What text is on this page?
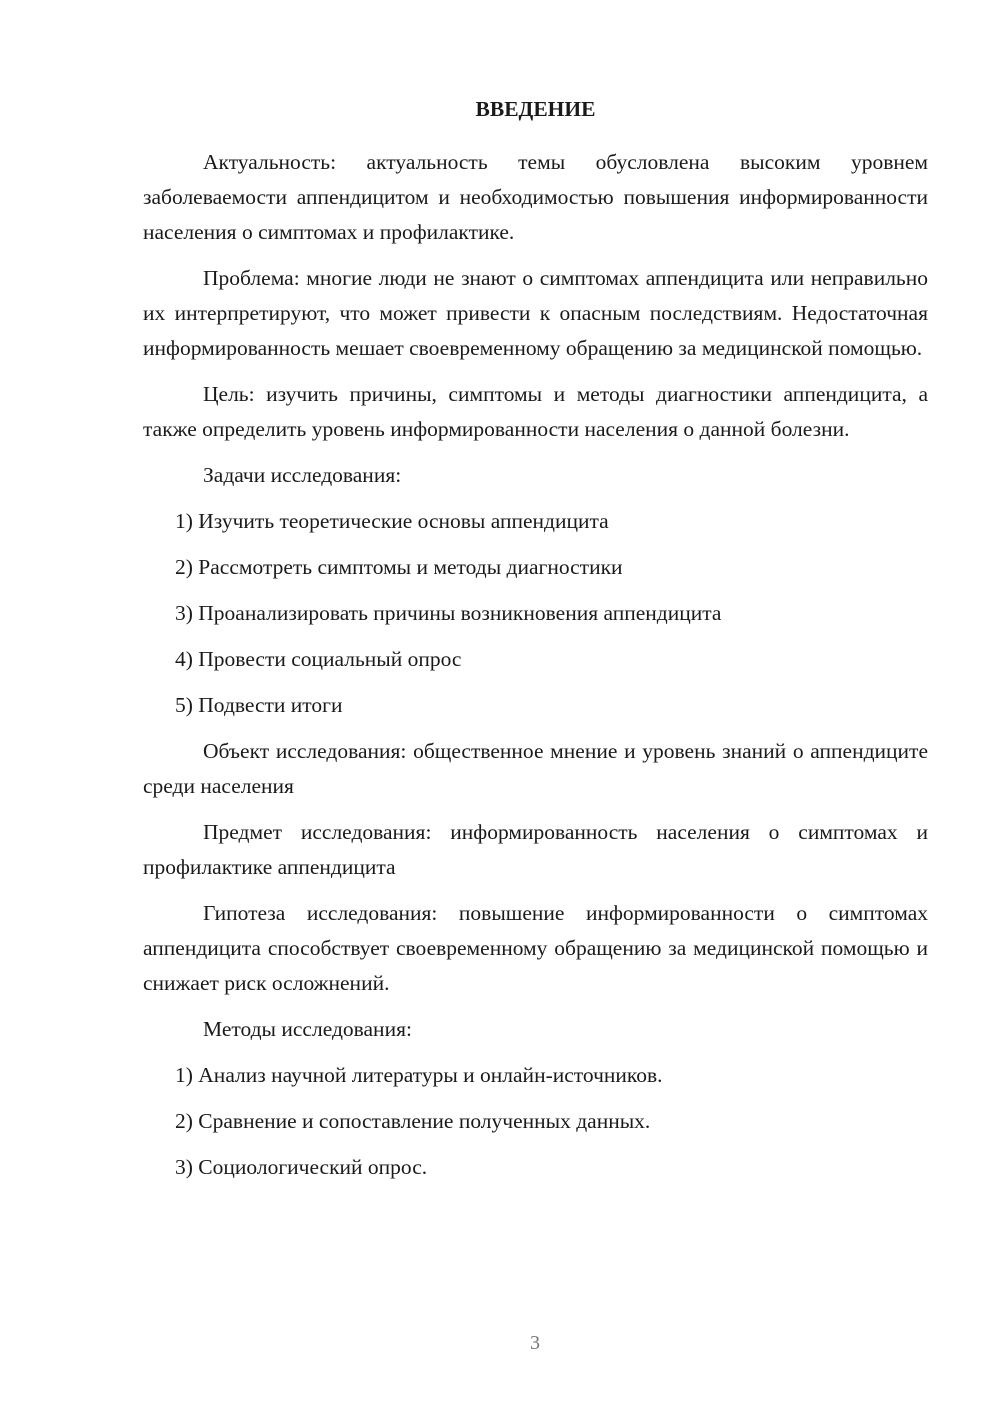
ВВЕДЕНИЕ

Актуальность: актуальность темы обусловлена высоким уровнем заболеваемости аппендицитом и необходимостью повышения информированности населения о симптомах и профилактике.

Проблема: многие люди не знают о симптомах аппендицита или неправильно их интерпретируют, что может привести к опасным последствиям. Недостаточная информированность мешает своевременному обращению за медицинской помощью.

Цель: изучить причины, симптомы и методы диагностики аппендицита, а также определить уровень информированности населения о данной болезни.

Задачи исследования:

1) Изучить теоретические основы аппендицита

2) Рассмотреть симптомы и методы диагностики

3) Проанализировать причины возникновения аппендицита

4) Провести социальный опрос

5) Подвести итоги

Объект исследования: общественное мнение и уровень знаний о аппендиците среди населения

Предмет исследования: информированность населения о симптомах и профилактике аппендицита

Гипотеза исследования: повышение информированности о симптомах аппендицита способствует своевременному обращению за медицинской помощью и снижает риск осложнений.

Методы исследования:

1) Анализ научной литературы и онлайн-источников.

2) Сравнение и сопоставление полученных данных.

3) Социологический опрос.

3
